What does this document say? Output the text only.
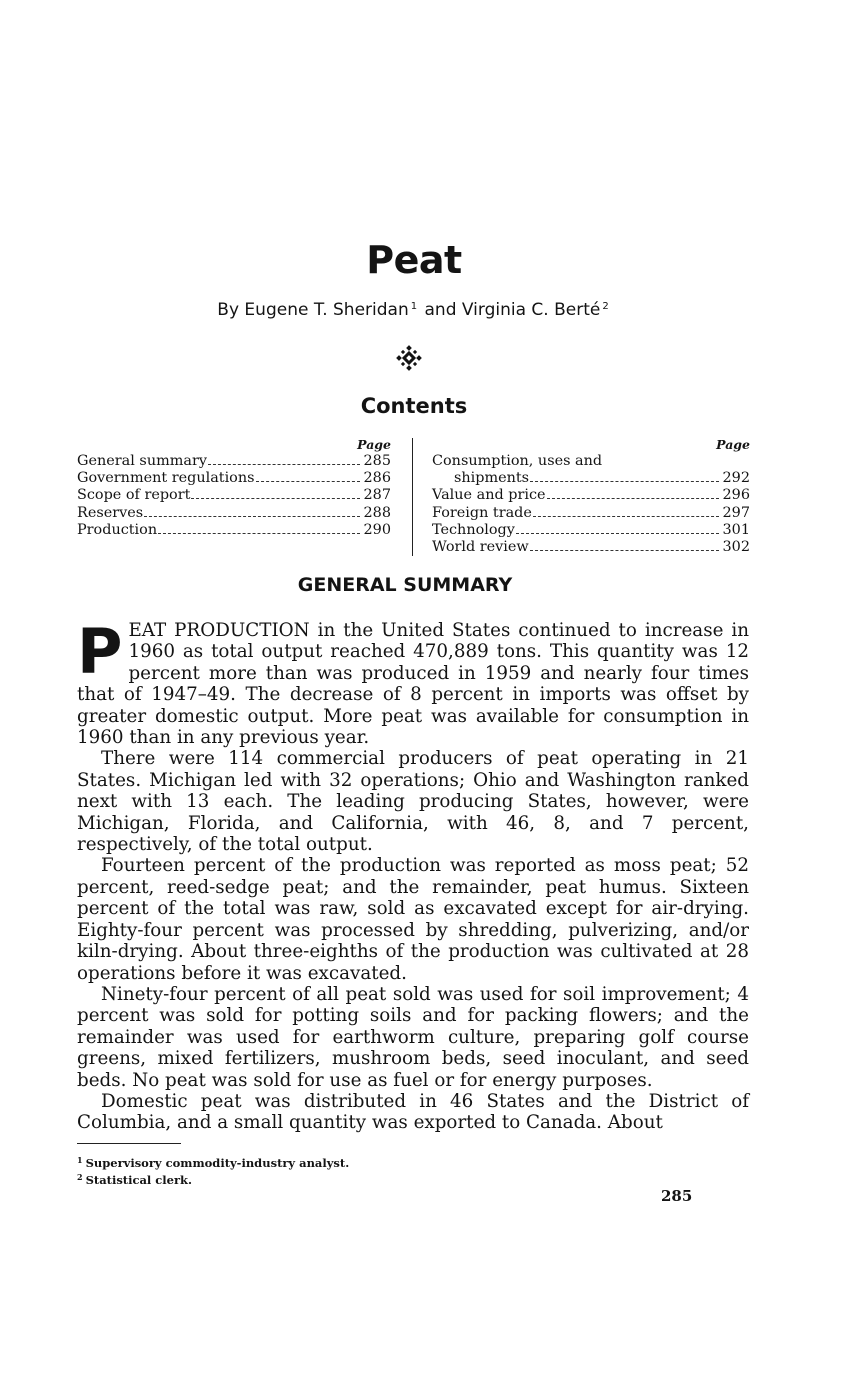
Peat
By Eugene T. Sheridan $^1$ and Virginia C. Berté $^2$
Contents
Page
General summary	285
Government regulations	286
Scope of report	287
Reserves	288
Production	290
Page
Consumption, uses and
shipments	292
Value and price	296
Foreign trade	297
Technology	301
World review	302
GENERAL SUMMARY

PEAT PRODUCTION in the United States continued to increase in 1960 as total output reached 470,889 tons. This quantity was 12 percent more than was produced in 1959 and nearly four times that of 1947–49. The decrease of 8 percent in imports was offset by greater domestic output. More peat was available for consumption in 1960 than in any previous year.

There were 114 commercial producers of peat operating in 21 States. Michigan led with 32 operations; Ohio and Washington ranked next with 13 each. The leading producing States, however, were Michigan, Florida, and California, with 46, 8, and 7 percent, respectively, of the total output.

Fourteen percent of the production was reported as moss peat; 52 percent, reed-sedge peat; and the remainder, peat humus. Sixteen percent of the total was raw, sold as excavated except for air-drying. Eighty-four percent was processed by shredding, pulverizing, and/or kiln-drying. About three-eighths of the production was cultivated at 28 operations before it was excavated.

Ninety-four percent of all peat sold was used for soil improvement; 4 percent was sold for potting soils and for packing flowers; and the remainder was used for earthworm culture, preparing golf course greens, mixed fertilizers, mushroom beds, seed inoculant, and seed beds. No peat was sold for use as fuel or for energy purposes.

Domestic peat was distributed in 46 States and the District of Columbia, and a small quantity was exported to Canada. About

$^1$ Supervisory commodity-industry analyst.
$^2$ Statistical clerk.
285
